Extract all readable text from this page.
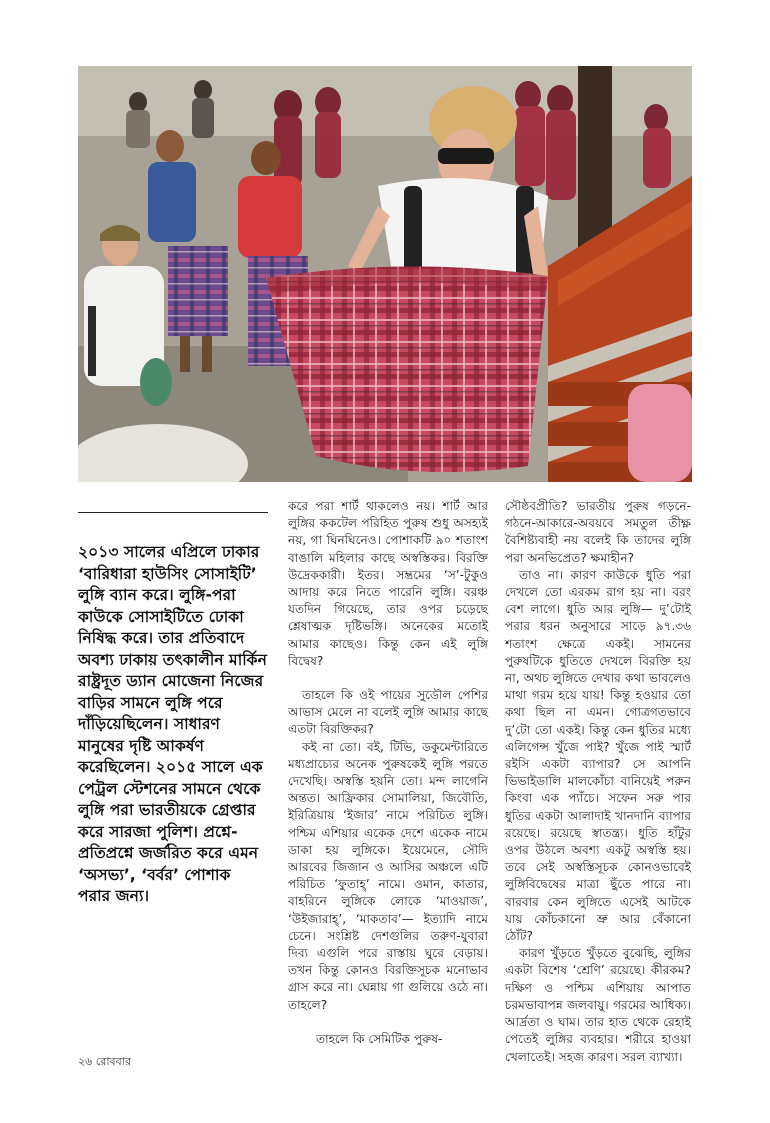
২০১৩ সালের এপ্রিলে ঢাকার ‘বারিধারা হাউসিং সোসাইটি’ লুঙ্গি ব্যান করে। লুঙ্গি-পরা কাউকে সোসাইটিতে ঢোকা নিষিদ্ধ করে। তার প্রতিবাদে অবশ্য ঢাকায় তৎকালীন মার্কিন রাষ্ট্রদূত ড্যান মোজেনা নিজের বাড়ির সামনে লুঙ্গি পরে দাঁড়িয়েছিলেন। সাধারণ মানুষের দৃষ্টি আকর্ষণ করেছিলেন। ২০১৫ সালে এক পেট্রল স্টেশনের সামনে থেকে লুঙ্গি পরা ভারতীয়কে গ্রেপ্তার করে সারজা পুলিশ। প্রশ্নে-প্রতিপ্রশ্নে জর্জরিত করে এমন ‘অসভ্য’, ‘বর্বর’ পোশাক পরার জন্য।

করে পরা শার্ট থাকলেও নয়। শার্ট আর লুঙ্গির ককটেল পরিহিত পুরুষ শুধু অসহ্যই নয়, গা ঘিনঘিনেও। পোশাকটি ৯০ শতাংশ বাঙালি মহিলার কাছে অস্বস্তিকর। বিরক্তি উদ্রেককারী। ইতর। সম্ভ্রমের ‘স’-টুকুও আদায় করে নিতে পারেনি লুঙ্গি। বরঞ্চ যতদিন গিয়েছে, তার ওপর চড়েছে শ্লেষাত্মক দৃষ্টিভঙ্গি। অনেকের মতোই আমার কাছেও। কিন্তু কেন এই লুঙ্গি বিদ্বেষ?

তাহলে কি ওই পায়ের সুডৌল পেশির আভাস মেলে না বলেই লুঙ্গি আমার কাছে এতটা বিরক্তিকর?

কই না তো। বই, টিভি, ডকুমেন্টারিতে মধ্যপ্রাচ্যের অনেক পুরুষকেই লুঙ্গি পরতে দেখেছি। অস্বস্তি হয়নি তো। মন্দ লাগেনি অন্তত। আফ্রিকার সোমালিয়া, জিবৌতি, ইরিত্রিয়ায় ‘ইজার’ নামে পরিচিত লুঙ্গি। পশ্চিম এশিয়ার একেক দেশে একেক নামে ডাকা হয় লুঙ্গিকে। ইয়েমেনে, সৌদি আরবের জিজান ও আসির অঞ্চলে এটি পরিচিত ‘ফুতাহ্’ নামে। ওমান, কাতার, বাহরিনে লুঙ্গিকে লোকে ‘মাওয়াজ’, ‘উইজারাহ্’, ‘মাকতাব’— ইত্যাদি নামে চেনে। সংশ্লিষ্ট দেশগুলির তরুণ-যুবারা দিব্য এগুলি পরে রাস্তায় ঘুরে বেড়ায়। তখন কিন্তু কোনও বিরক্তিসূচক মনোভাব গ্রাস করে না। ঘেন্নায় গা গুলিয়ে ওঠে না। তাহলে?

তাহলে কি সেমিটিক পুরুষ-

সৌষ্ঠবপ্রীতি? ভারতীয় পুরুষ গড়নে-গঠনে-আকারে-অবয়বে সমতুল তীক্ষ্ণ বৈশিষ্ট্যবাহী নয় বলেই কি তাদের লুঙ্গি পরা অনভিপ্রেত? ক্ষমাহীন?

তাও না। কারণ কাউকে ধুতি পরা দেখলে তো এরকম রাগ হয় না। বরং বেশ লাগে। ধুতি আর লুঙ্গি— দু’টোই পরার ধরন অনুসারে সাড়ে ৯৭.৩৬ শতাংশ ক্ষেত্রে একই। সামনের পুরুষটিকে ধুতিতে দেখলে বিরক্তি হয় না, অথচ লুঙ্গিতে দেখার কথা ভাবলেও মাথা গরম হয়ে যায়! কিন্তু হওয়ার তো কথা ছিল না এমন। গোত্রগতভাবে দু’টো তো একই। কিন্তু কেন ধুতির মধ্যে এলিগেন্স খুঁজে পাই? খুঁজে পাই স্মার্ট রইসি একটা ব্যাপার? সে আপনি ভিভাইডালি মালকোঁচা বানিয়েই পরুন কিংবা এক প্যাঁচে। সফেন সরু পার ধুতির একটা আলাদাই খানদানি ব্যাপার রয়েছে। রয়েছে স্বাতন্ত্র্য। ধুতি হাঁটুর ওপর উঠলে অবশ্য একটু অস্বস্তি হয়। তবে সেই অস্বস্তিসূচক কোনওভাবেই লুঙ্গিবিদ্বেষের মাত্রা ছুঁতে পারে না। বারবার কেন লুঙ্গিতে এসেই আটকে যায় কোঁচকানো ভ্রু আর বেঁকানো ঠোঁট?

কারণ খুঁড়তে খুঁড়তে বুঝেছি, লুঙ্গির একটা বিশেষ ‘শ্রেণি’ রয়েছে। কীরকম? দক্ষিণ ও পশ্চিম এশিয়ায় আপাত চরমভাবাপন্ন জলবায়ু। গরমের আধিক্য। আর্দ্রতা ও ঘাম। তার হাত থেকে রেহাই পেতেই লুঙ্গির ব্যবহার। শরীরে হাওয়া খেলাতেই। সহজ কারণ। সরল ব্যাখ্যা।

২৬ রোববার
